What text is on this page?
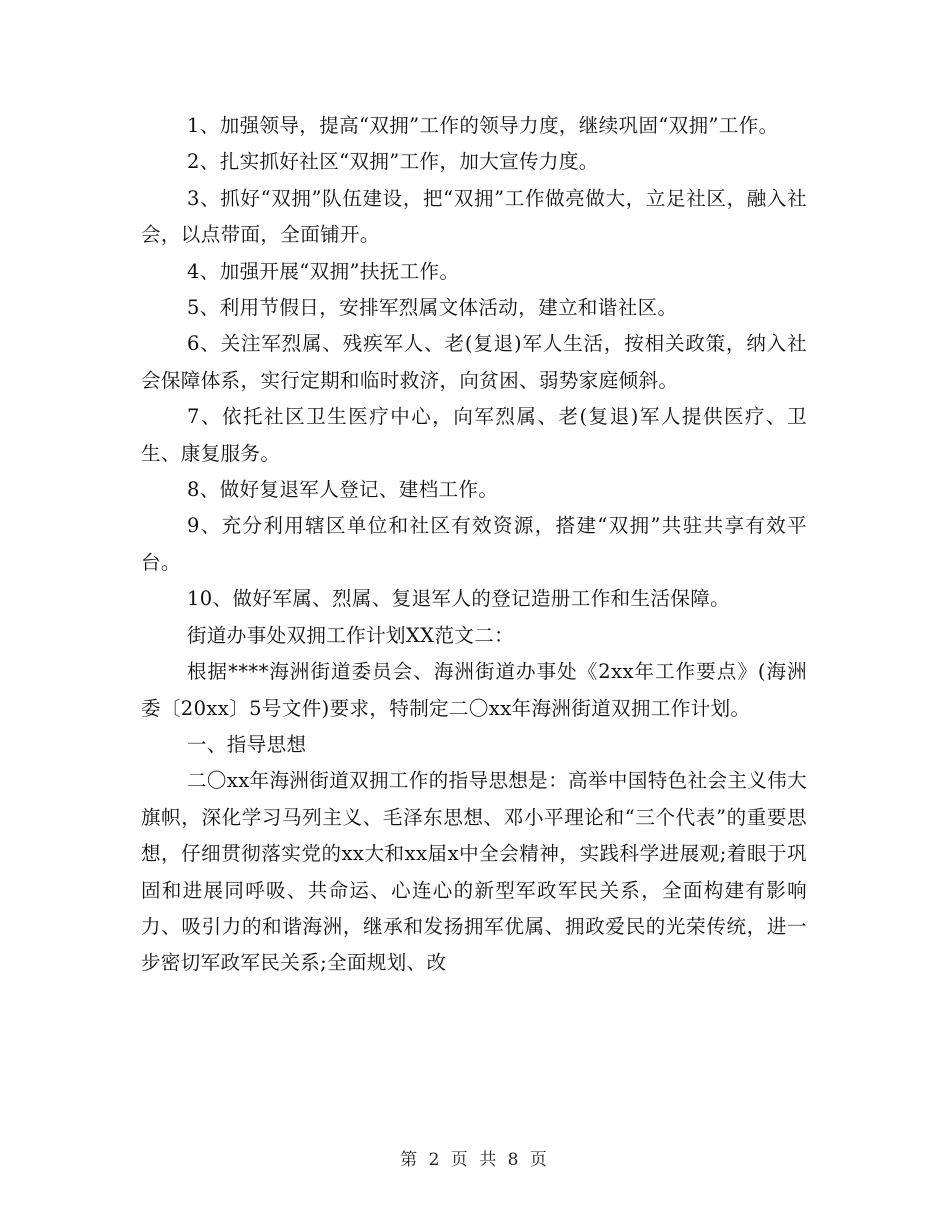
1、加强领导，提高“双拥”工作的领导力度，继续巩固“双拥”工作。

2、扎实抓好社区“双拥”工作，加大宣传力度。

3、抓好“双拥”队伍建设，把“双拥”工作做亮做大，立足社区，融入社会，以点带面，全面铺开。

4、加强开展“双拥”扶抚工作。

5、利用节假日，安排军烈属文体活动，建立和谐社区。

6、关注军烈属、残疾军人、老(复退)军人生活，按相关政策，纳入社会保障体系，实行定期和临时救济，向贫困、弱势家庭倾斜。

7、依托社区卫生医疗中心，向军烈属、老(复退)军人提供医疗、卫生、康复服务。

8、做好复退军人登记、建档工作。

9、充分利用辖区单位和社区有效资源，搭建“双拥”共驻共享有效平台。

10、做好军属、烈属、复退军人的登记造册工作和生活保障。

街道办事处双拥工作计划XX范文二：

根据****海洲街道委员会、海洲街道办事处《2xx年工作要点》(海洲委〔20xx〕5号文件)要求，特制定二〇xx年海洲街道双拥工作计划。

一、指导思想

二〇xx年海洲街道双拥工作的指导思想是：高举中国特色社会主义伟大旗帜，深化学习马列主义、毛泽东思想、邓小平理论和“三个代表”的重要思想，仔细贯彻落实党的xx大和xx届x中全会精神，实践科学进展观;着眼于巩固和进展同呼吸、共命运、心连心的新型军政军民关系，全面构建有影响力、吸引力的和谐海洲，继承和发扬拥军优属、拥政爱民的光荣传统，进一步密切军政军民关系;全面规划、改

第 2 页 共 8 页
